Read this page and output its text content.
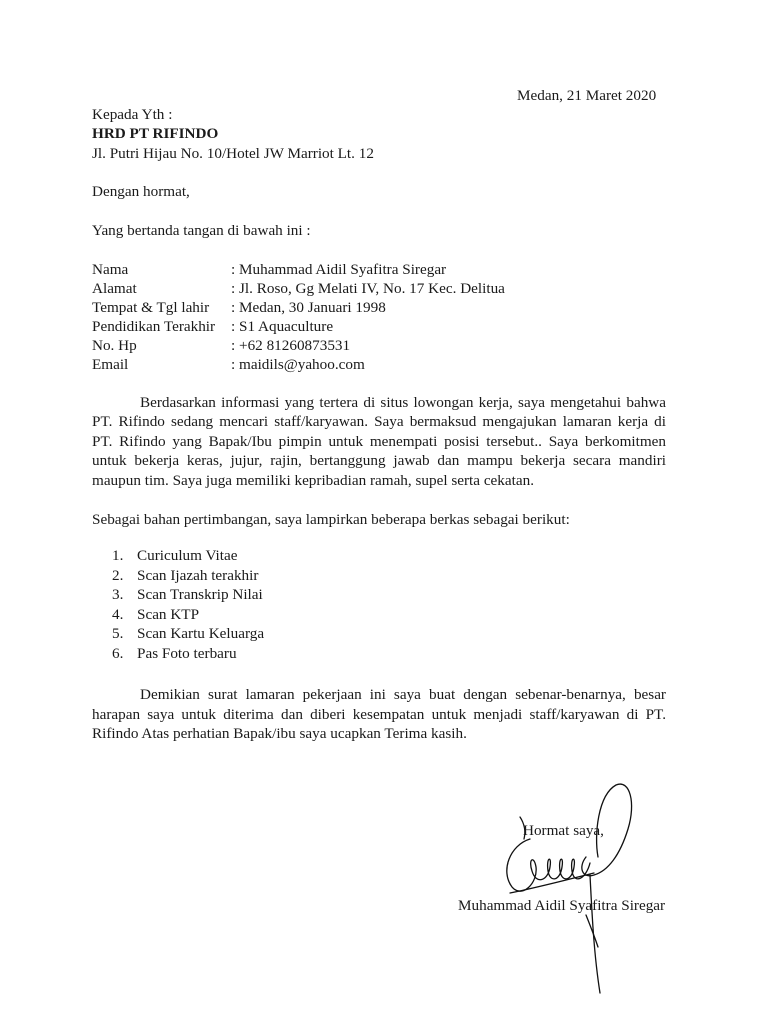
Medan, 21 Maret 2020
Kepada Yth :
HRD PT RIFINDO
Jl. Putri Hijau No. 10/Hotel JW Marriot Lt. 12
Dengan hormat,
Yang bertanda tangan di bawah ini :
Nama	: Muhammad Aidil Syafitra Siregar
Alamat	: Jl. Roso, Gg Melati IV, No. 17 Kec. Delitua
Tempat & Tgl lahir : Medan, 30 Januari 1998
Pendidikan Terakhir : S1 Aquaculture
No. Hp	: +62 81260873531
Email	: maidils@yahoo.com

Berdasarkan informasi yang tertera di situs lowongan kerja, saya mengetahui bahwa PT. Rifindo sedang mencari staff/karyawan. Saya bermaksud mengajukan lamaran kerja di PT. Rifindo yang Bapak/Ibu pimpin untuk menempati posisi tersebut.. Saya berkomitmen untuk bekerja keras, jujur, rajin, bertanggung jawab dan mampu bekerja secara mandiri maupun tim. Saya juga memiliki kepribadian ramah, supel serta cekatan.

Sebagai bahan pertimbangan, saya lampirkan beberapa berkas sebagai berikut:
1. Curiculum Vitae
2. Scan Ijazah terakhir
3. Scan Transkrip Nilai
4. Scan KTP
5. Scan Kartu Keluarga
6. Pas Foto terbaru

Demikian surat lamaran pekerjaan ini saya buat dengan sebenar-benarnya, besar harapan saya untuk diterima dan diberi kesempatan untuk menjadi staff/karyawan di PT. Rifindo Atas perhatian Bapak/ibu saya ucapkan Terima kasih.

Hormat saya,
Muhammad Aidil Syafitra Siregar
